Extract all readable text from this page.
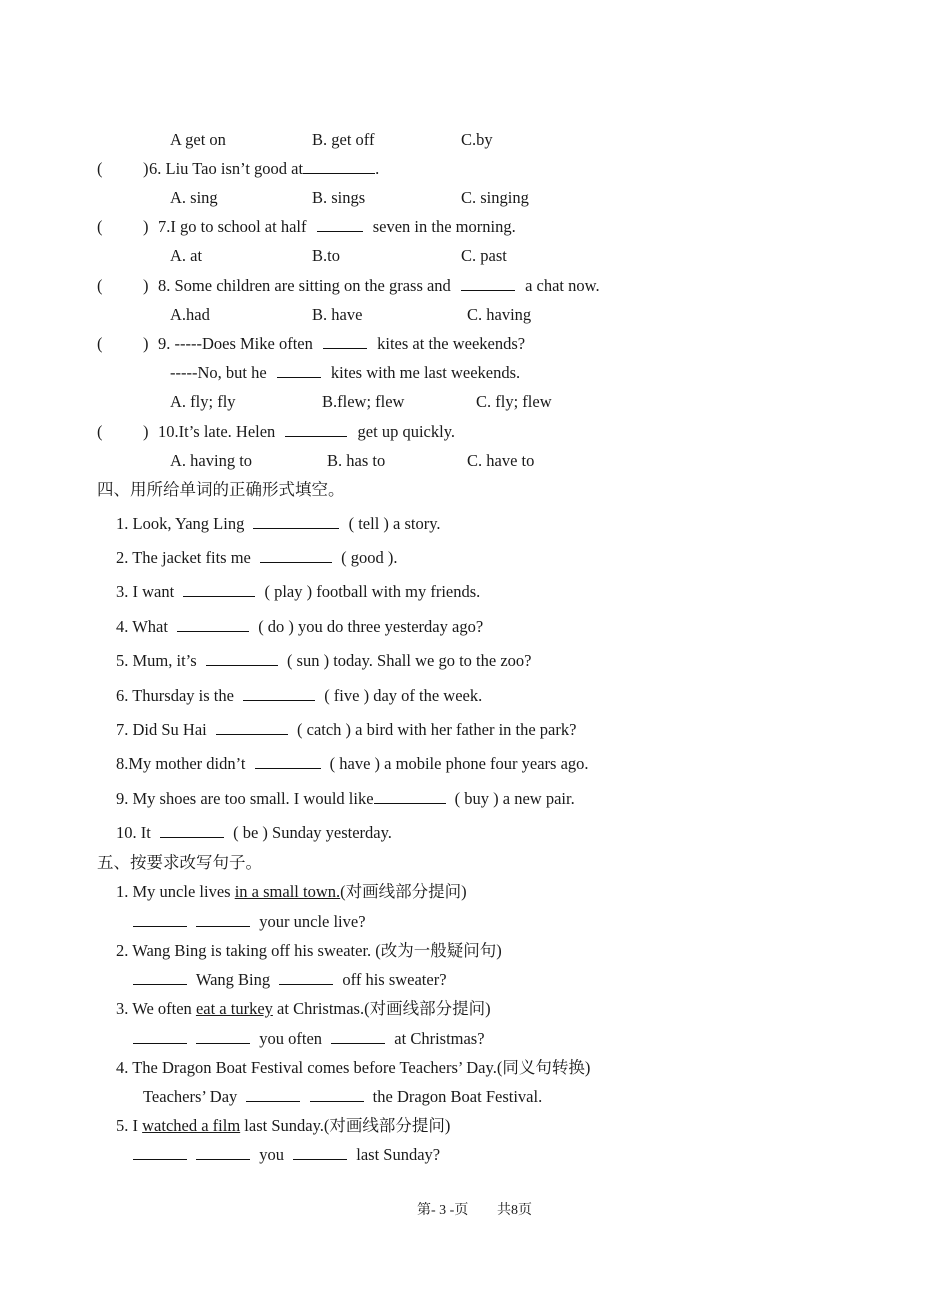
A get on	B. get off	C.by
(	6. Liu Tao isn’t good at	.
)
A. sing	B. sings	C. singing
( ) 7.I go to school at half	seven in the morning.
A. at	B.to	C. past
( ) 8. Some children are sitting on the grass and	a chat now.
A.had	B. have	C. having
( ) 9. -----Does Mike often	kites at the weekends?
-----No, but he	kites with me last weekends.
A. fly; fly	B.flew; flew	C. fly; flew
( ) 10.It’s late. Helen	get up quickly.
A. having to	B. has to	C. have to
四、用所给单词的正确形式填空。
1. Look, Yang Ling	( tell ) a story.
2. The jacket fits me	( good ).
3. I want	( play ) football with my friends.
4. What	( do ) you do three yesterday ago?
5. Mum, it’s	( sun ) today. Shall we go to the zoo?
6. Thursday is the	( five ) day of the week.
7. Did Su Hai	( catch ) a bird with her father in the park?
8.My mother didn’t	( have ) a mobile phone four years ago.
9. My shoes are too small. I would like	( buy ) a new pair.
10. It	( be ) Sunday yesterday.
五、按要求改写句子。
1. My uncle lives in a small town.(对画线部分提问)
your uncle live?
2. Wang Bing is taking off his sweater. (改为一般疑问句)
Wang Bing	off his sweater?
3. We often eat a turkey at Christmas.(对画线部分提问)
you often	at Christmas?
4. The Dragon Boat Festival comes before Teachers’ Day.(同义句转换)
Teachers’ Day	the Dragon Boat Festival.
5. I watched a film last Sunday.(对画线部分提问)
you	last Sunday?
第- 3 -页 共8页
